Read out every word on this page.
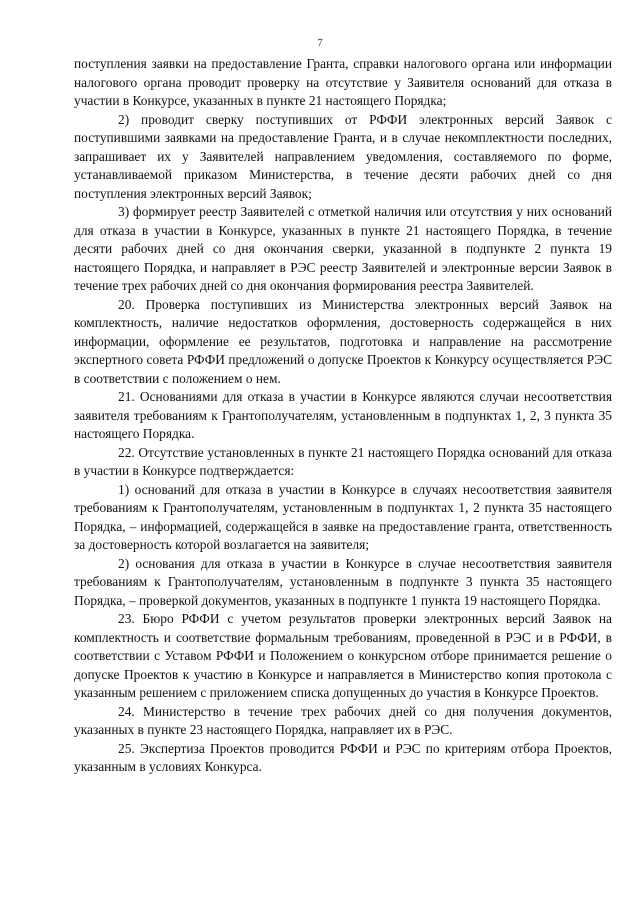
7

поступления заявки на предоставление Гранта, справки налогового органа или информации налогового органа проводит проверку на отсутствие у Заявителя оснований для отказа в участии в Конкурсе, указанных в пункте 21 настоящего Порядка;

2) проводит сверку поступивших от РФФИ электронных версий Заявок с поступившими заявками на предоставление Гранта, и в случае некомплектности последних, запрашивает их у Заявителей направлением уведомления, составляемого по форме, устанавливаемой приказом Министерства, в течение десяти рабочих дней со дня поступления электронных версий Заявок;

3) формирует реестр Заявителей с отметкой наличия или отсутствия у них оснований для отказа в участии в Конкурсе, указанных в пункте 21 настоящего Порядка, в течение десяти рабочих дней со дня окончания сверки, указанной в подпункте 2 пункта 19 настоящего Порядка, и направляет в РЭС реестр Заявителей и электронные версии Заявок в течение трех рабочих дней со дня окончания формирования реестра Заявителей.

20. Проверка поступивших из Министерства электронных версий Заявок на комплектность, наличие недостатков оформления, достоверность содержащейся в них информации, оформление ее результатов, подготовка и направление на рассмотрение экспертного совета РФФИ предложений о допуске Проектов к Конкурсу осуществляется РЭС в соответствии с положением о нем.

21. Основаниями для отказа в участии в Конкурсе являются случаи несоответствия заявителя требованиям к Грантополучателям, установленным в подпунктах 1, 2, 3 пункта 35 настоящего Порядка.

22. Отсутствие установленных в пункте 21 настоящего Порядка оснований для отказа в участии в Конкурсе подтверждается:

1) оснований для отказа в участии в Конкурсе в случаях несоответствия заявителя требованиям к Грантополучателям, установленным в подпунктах 1, 2 пункта 35 настоящего Порядка, – информацией, содержащейся в заявке на предоставление гранта, ответственность за достоверность которой возлагается на заявителя;

2) основания для отказа в участии в Конкурсе в случае несоответствия заявителя требованиям к Грантополучателям, установленным в подпункте 3 пункта 35 настоящего Порядка, – проверкой документов, указанных в подпункте 1 пункта 19 настоящего Порядка.

23. Бюро РФФИ с учетом результатов проверки электронных версий Заявок на комплектность и соответствие формальным требованиям, проведенной в РЭС и в РФФИ, в соответствии с Уставом РФФИ и Положением о конкурсном отборе принимается решение о допуске Проектов к участию в Конкурсе и направляется в Министерство копия протокола с указанным решением с приложением списка допущенных до участия в Конкурсе Проектов.

24. Министерство в течение трех рабочих дней со дня получения документов, указанных в пункте 23 настоящего Порядка, направляет их в РЭС.

25. Экспертиза Проектов проводится РФФИ и РЭС по критериям отбора Проектов, указанным в условиях Конкурса.
